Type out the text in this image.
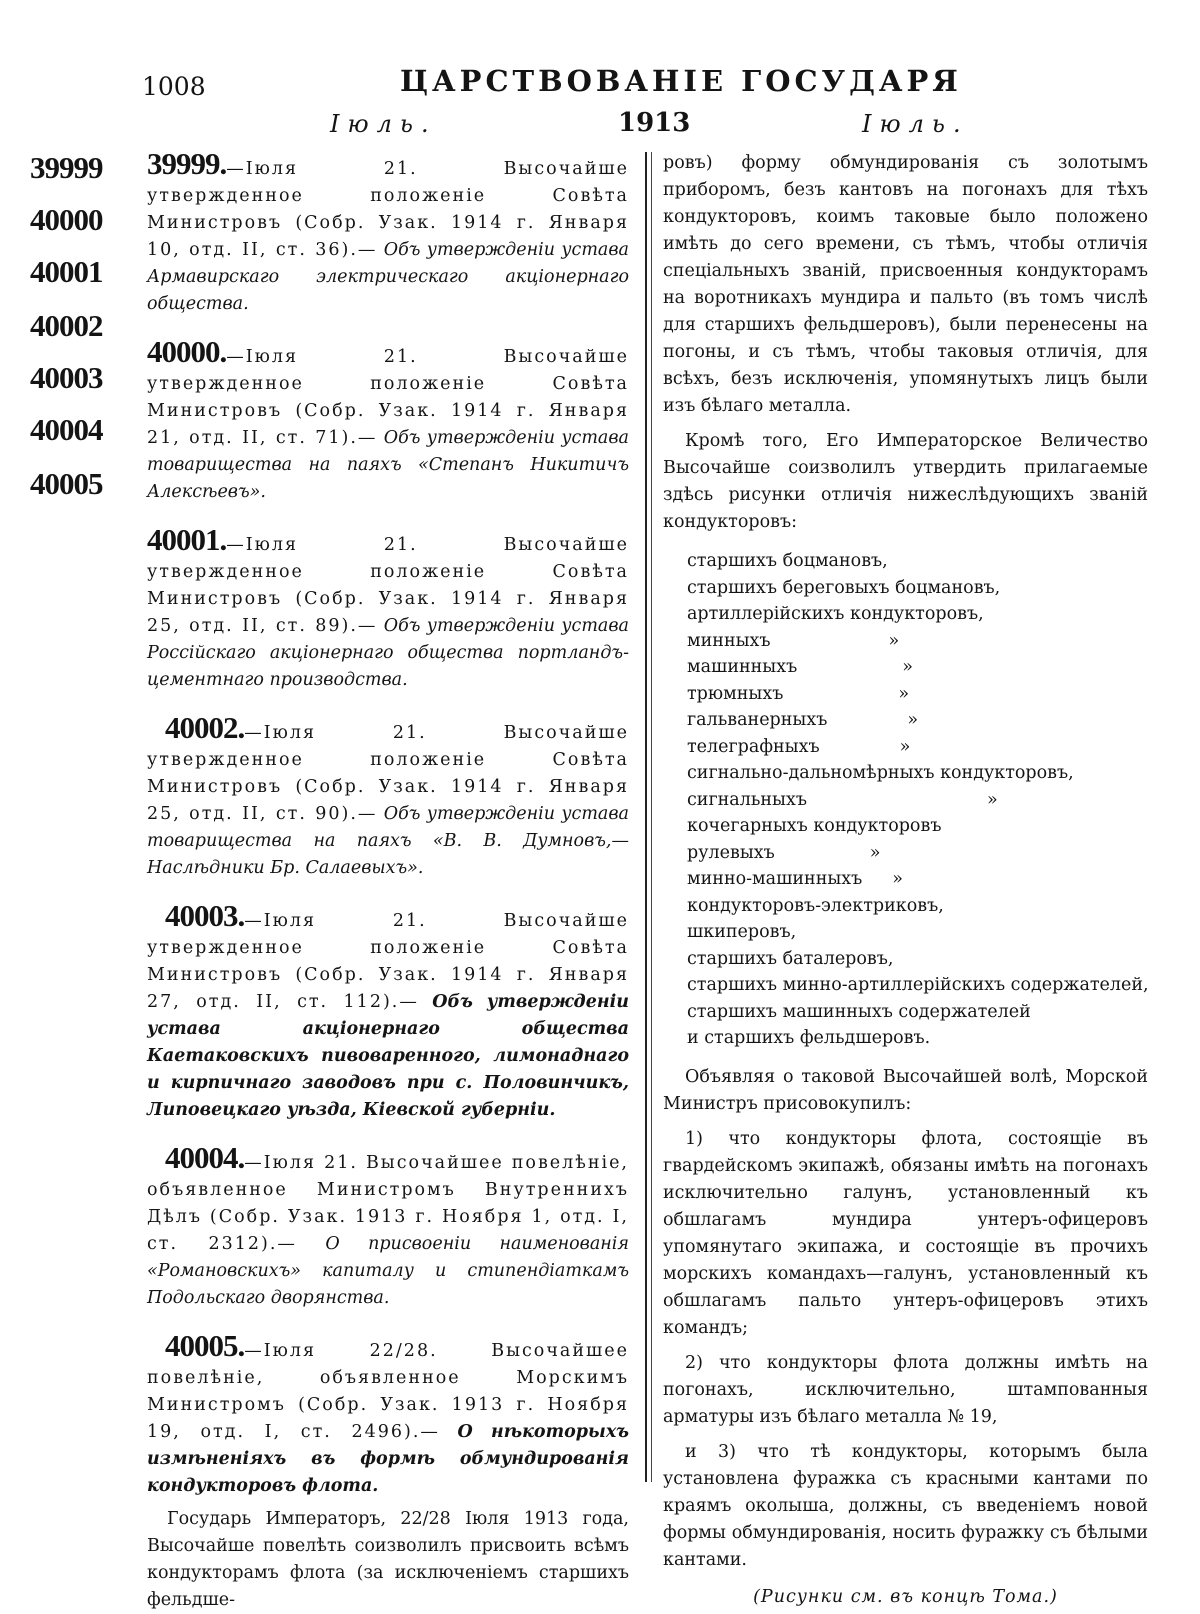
1008	ЦАРСТВОВАНІЕ ГОСУДАРЯ
Іюль.	1913	Іюль.
39999
40000
40001
40002
40003
40004
40005
39999.—Іюля 21. Высочайше утвержденное положеніе Совѣта Министровъ (Собр. Узак. 1914 г. Января 10, отд. II, ст. 36).— Объ утвержденіи устава Армавирскаго электрическаго акціонернаго общества.
40000.—Іюля 21. Высочайше утвержденное положеніе Совѣта Министровъ (Собр. Узак. 1914 г. Января 21, отд. II, ст. 71).— Объ утвержденіи устава товарищества на паяхъ «Степанъ Никитичъ Алексѣевъ».
40001.—Іюля 21. Высочайше утвержденное положеніе Совѣта Министровъ (Собр. Узак. 1914 г. Января 25, отд. II, ст. 89).— Объ утвержденіи устава Россійскаго акціонернаго общества портландъ-цементнаго производства.
40002.—Іюля 21. Высочайше утвержденное положеніе Совѣта Министровъ (Собр. Узак. 1914 г. Января 25, отд. II, ст. 90).— Объ утвержденіи устава товарищества на паяхъ «В. В. Думновъ,—Наслѣдники Бр. Салаевыхъ».
40003.—Іюля 21. Высочайше утвержденное положеніе Совѣта Министровъ (Собр. Узак. 1914 г. Января 27, отд. II, ст. 112).— Объ утвержденіи устава акціонернаго общества Каетаковскихъ пивоваренного, лимонаднаго и кирпичнаго заводовъ при с. Половинчикъ, Липовецкаго уѣзда, Кіевской губерніи.
40004.—Іюля 21. Высочайшее повелѣніе, объявленное Министромъ Внутреннихъ Дѣлъ (Собр. Узак. 1913 г. Ноября 1, отд. I, ст. 2312).— О присвоеніи наименованія «Романовскихъ» капиталу и стипендіаткамъ Подольскаго дворянства.
40005.—Іюля 22/28. Высочайшее повелѣніе, объявленное Морскимъ Министромъ (Собр. Узак. 1913 г. Ноября 19, отд. I, ст. 2496).— О нѣкоторыхъ измѣненіяхъ въ формѣ обмундированія кондукторовъ флота.

Государь Императоръ, 22/28 Іюля 1913 года, Высочайше повелѣть соизволилъ присвоить всѣмъ кондукторамъ флота (за исключеніемъ старшихъ фельдше-

ровъ) форму обмундированія съ золотымъ приборомъ, безъ кантовъ на погонахъ для тѣхъ кондукторовъ, коимъ таковые было положено имѣть до сего времени, съ тѣмъ, чтобы отличія спеціальныхъ званій, присвоенныя кондукторамъ на воротникахъ мундира и пальто (въ томъ числѣ для старшихъ фельдшеровъ), были перенесены на погоны, и съ тѣмъ, чтобы таковыя отличія, для всѣхъ, безъ исключенія, упомянутыхъ лицъ были изъ бѣлаго металла.

Кромѣ того, Его Императорское Величество Высочайше соизволилъ утвердить прилагаемые здѣсь рисунки отличія нижеслѣдующихъ званій кондукторовъ:

старшихъ боцмановъ,
старшихъ береговыхъ боцмановъ,
артиллерійскихъ кондукторовъ,
минныхъ	»
машинныхъ	»
трюмныхъ	»
гальванерныхъ	»
телеграфныхъ	»
сигнально-дальномѣрныхъ кондукторовъ,
сигнальныхъ	»
кочегарныхъ кондукторовъ
рулевыхъ	»
минно-машинныхъ »
кондукторовъ-электриковъ,
шкиперовъ,
старшихъ баталеровъ,
старшихъ минно-артиллерійскихъ содержателей,
старшихъ машинныхъ содержателей
и старшихъ фельдшеровъ.

Объявляя о таковой Высочайшей волѣ, Морской Министръ присовокупилъ:

1) что кондукторы флота, состоящіе въ гвардейскомъ экипажѣ, обязаны имѣть на погонахъ исключительно галунъ, установленный къ обшлагамъ мундира унтеръ-офицеровъ упомянутаго экипажа, и состоящіе въ прочихъ морскихъ командахъ—галунъ, установленный къ обшлагамъ пальто унтеръ-офицеровъ этихъ командъ;

2) что кондукторы флота должны имѣть на погонахъ, исключительно, штампованныя арматуры изъ бѣлаго металла № 19,

и 3) что тѣ кондукторы, которымъ была установлена фуражка съ красными кантами по краямъ околыша, должны, съ введеніемъ новой формы обмундированія, носить фуражку съ бѣлыми кантами.

(Рисунки см. въ концѣ Тома.)
